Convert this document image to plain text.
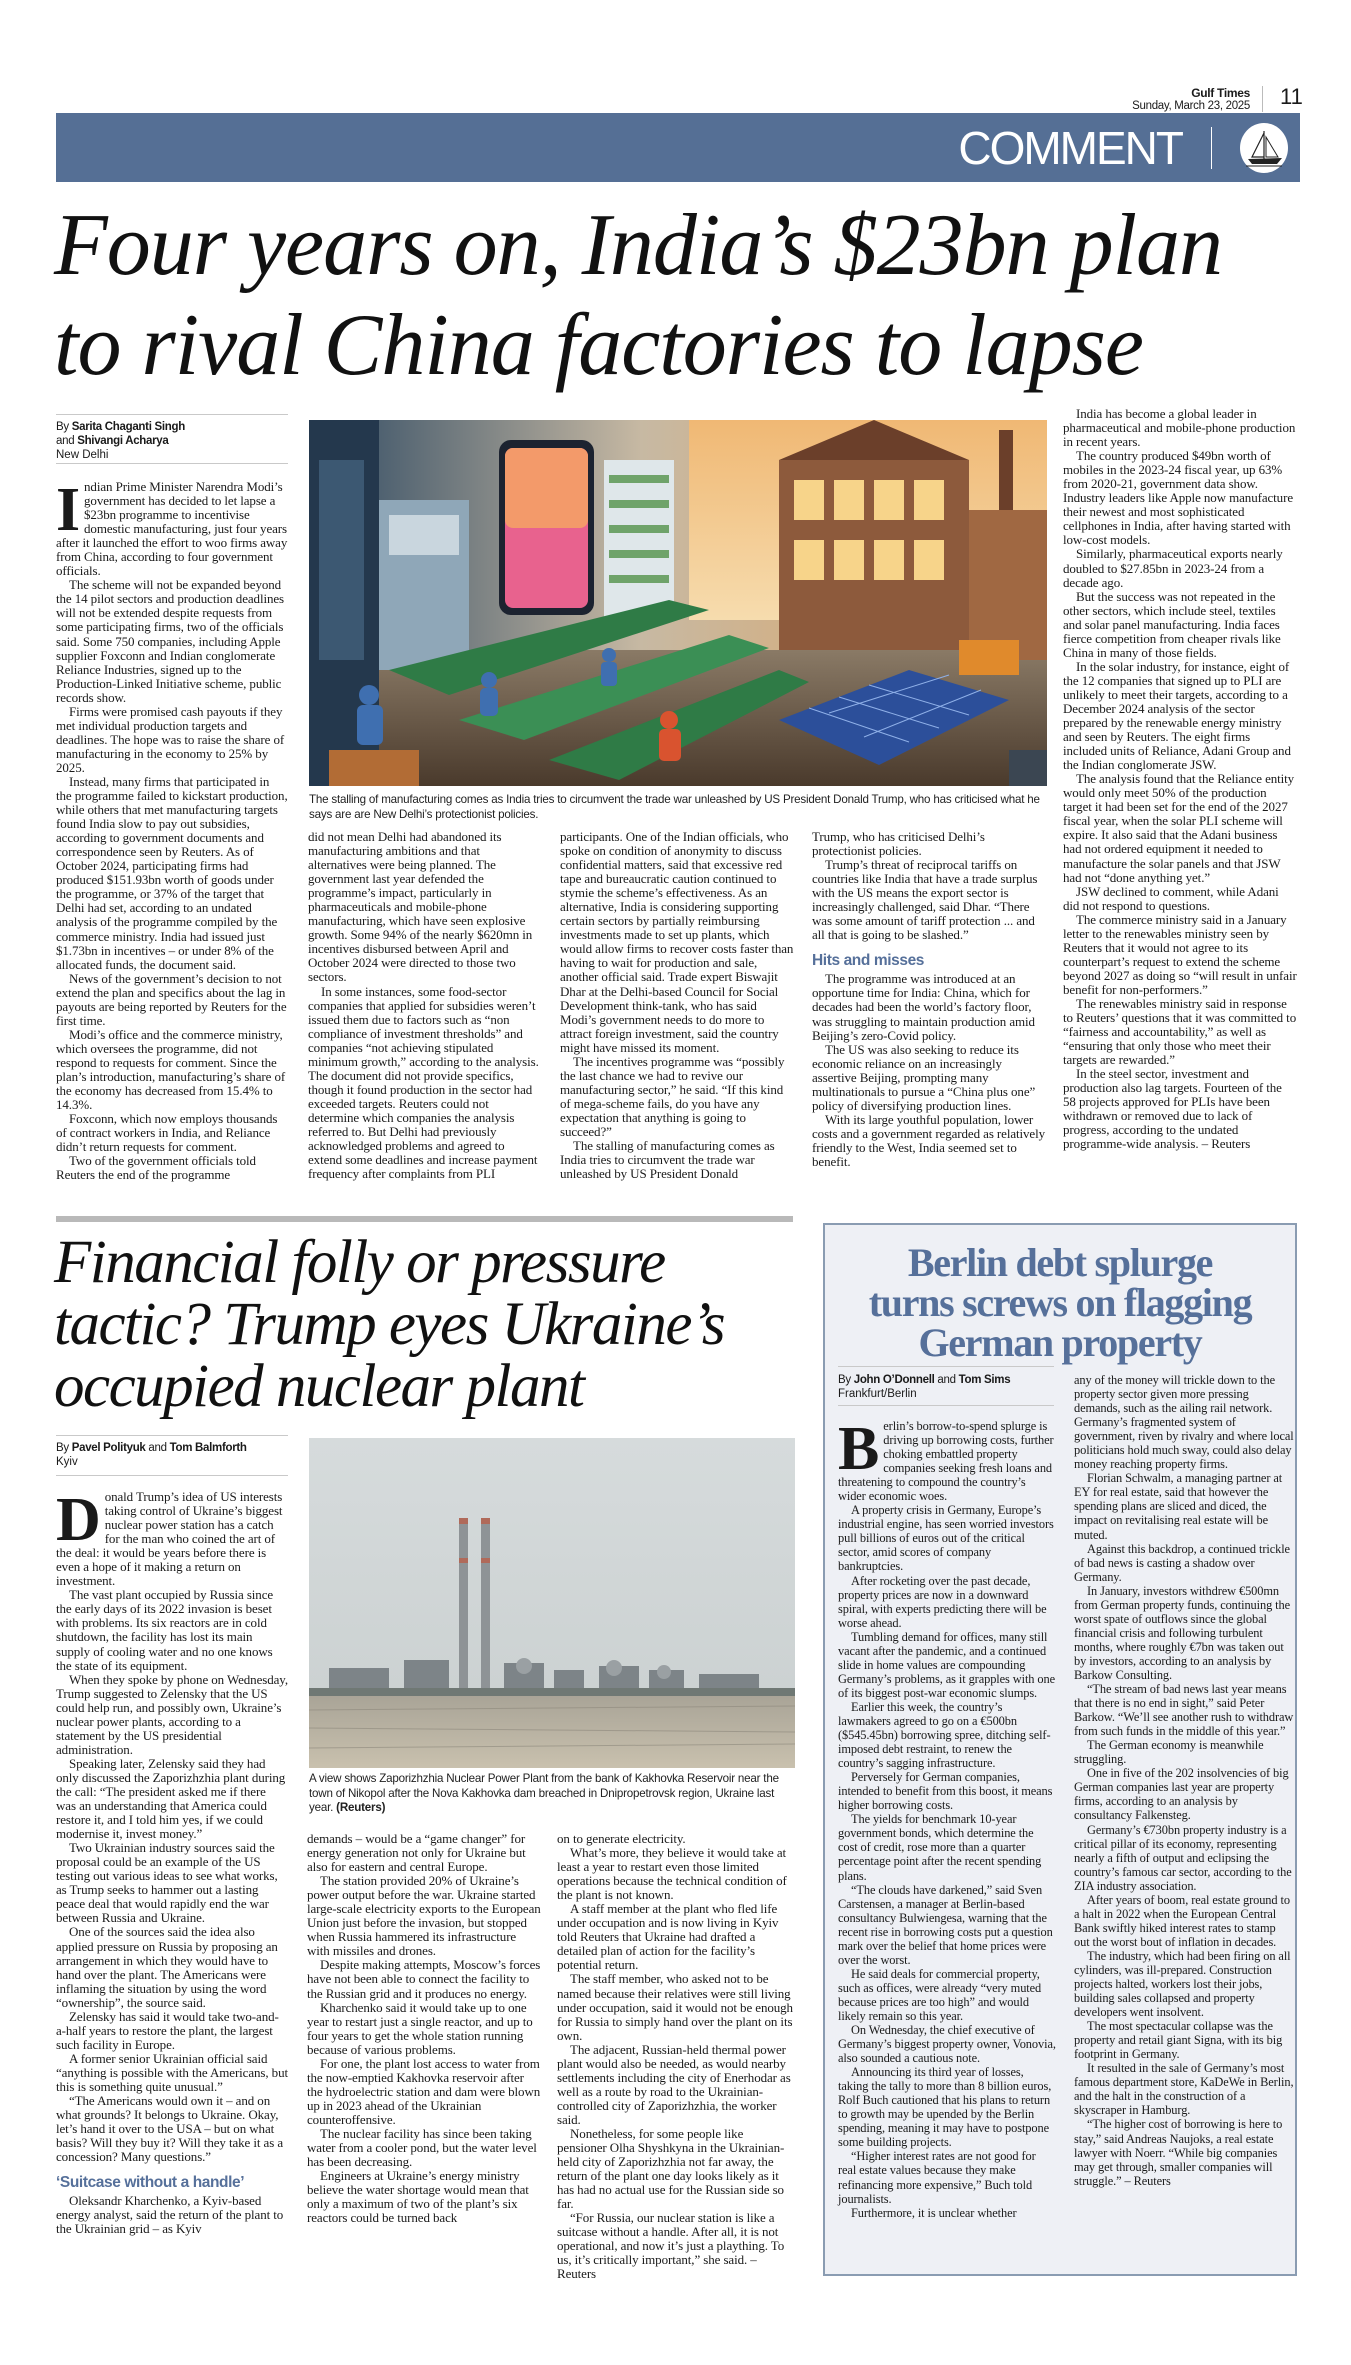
Gulf Times
Sunday, March 23, 2025 11
COMMENT
Four years on, India’s $23bn plan
to rival China factories to lapse
By Sarita Chaganti Singh
and Shivangi Acharya
New Delhi
The stalling of manufacturing comes as India tries to circumvent the trade war unleashed by US President Donald Trump, who has criticised what he says are are New Delhi’s protectionist policies.

Indian Prime Minister Narendra Modi’s government has decided to let lapse a $23bn programme to incentivise domestic manufacturing, just four years after it launched the effort to woo firms away from China, according to four government officials.

The scheme will not be expanded beyond the 14 pilot sectors and production deadlines will not be extended despite requests from some participating firms, two of the officials said. Some 750 companies, including Apple supplier Foxconn and Indian conglomerate Reliance Industries, signed up to the Production-Linked Initiative scheme, public records show.

Firms were promised cash payouts if they met individual production targets and deadlines. The hope was to raise the share of manufacturing in the economy to 25% by 2025.

Instead, many firms that participated in the programme failed to kickstart production, while others that met manufacturing targets found India slow to pay out subsidies, according to government documents and correspondence seen by Reuters. As of October 2024, participating firms had produced $151.93bn worth of goods under the programme, or 37% of the target that Delhi had set, according to an undated analysis of the programme compiled by the commerce ministry. India had issued just $1.73bn in incentives – or under 8% of the allocated funds, the document said.

News of the government’s decision to not extend the plan and specifics about the lag in payouts are being reported by Reuters for the first time.

Modi’s office and the commerce ministry, which oversees the programme, did not respond to requests for comment. Since the plan’s introduction, manufacturing’s share of the economy has decreased from 15.4% to 14.3%.

Foxconn, which now employs thousands of contract workers in India, and Reliance didn’t return requests for comment.

Two of the government officials told Reuters the end of the programme

did not mean Delhi had abandoned its manufacturing ambitions and that alternatives were being planned. The government last year defended the programme’s impact, particularly in pharmaceuticals and mobile-phone manufacturing, which have seen explosive growth. Some 94% of the nearly $620mn in incentives disbursed between April and October 2024 were directed to those two sectors.

In some instances, some food-sector companies that applied for subsidies weren’t issued them due to factors such as “non compliance of investment thresholds” and companies “not achieving stipulated minimum growth,” according to the analysis. The document did not provide specifics, though it found production in the sector had exceeded targets. Reuters could not determine which companies the analysis referred to. But Delhi had previously acknowledged problems and agreed to extend some deadlines and increase payment frequency after complaints from PLI

participants. One of the Indian officials, who spoke on condition of anonymity to discuss confidential matters, said that excessive red tape and bureaucratic caution continued to stymie the scheme’s effectiveness. As an alternative, India is considering supporting certain sectors by partially reimbursing investments made to set up plants, which would allow firms to recover costs faster than having to wait for production and sale, another official said. Trade expert Biswajit Dhar at the Delhi-based Council for Social Development think-tank, who has said Modi’s government needs to do more to attract foreign investment, said the country might have missed its moment.

The incentives programme was “possibly the last chance we had to revive our manufacturing sector,” he said. “If this kind of mega-scheme fails, do you have any expectation that anything is going to succeed?”

The stalling of manufacturing comes as India tries to circumvent the trade war unleashed by US President Donald

Trump, who has criticised Delhi’s protectionist policies.

Trump’s threat of reciprocal tariffs on countries like India that have a trade surplus with the US means the export sector is increasingly challenged, said Dhar. “There was some amount of tariff protection ... and all that is going to be slashed.”

Hits and misses

The programme was introduced at an opportune time for India: China, which for decades had been the world’s factory floor, was struggling to maintain production amid Beijing’s zero-Covid policy.

The US was also seeking to reduce its economic reliance on an increasingly assertive Beijing, prompting many multinationals to pursue a “China plus one” policy of diversifying production lines.

With its large youthful population, lower costs and a government regarded as relatively friendly to the West, India seemed set to benefit.

India has become a global leader in pharmaceutical and mobile-phone production in recent years.

The country produced $49bn worth of mobiles in the 2023-24 fiscal year, up 63% from 2020-21, government data show. Industry leaders like Apple now manufacture their newest and most sophisticated cellphones in India, after having started with low-cost models.

Similarly, pharmaceutical exports nearly doubled to $27.85bn in 2023-24 from a decade ago.

But the success was not repeated in the other sectors, which include steel, textiles and solar panel manufacturing. India faces fierce competition from cheaper rivals like China in many of those fields.

In the solar industry, for instance, eight of the 12 companies that signed up to PLI are unlikely to meet their targets, according to a December 2024 analysis of the sector prepared by the renewable energy ministry and seen by Reuters. The eight firms included units of Reliance, Adani Group and the Indian conglomerate JSW.

The analysis found that the Reliance entity would only meet 50% of the production target it had been set for the end of the 2027 fiscal year, when the solar PLI scheme will expire. It also said that the Adani business had not ordered equipment it needed to manufacture the solar panels and that JSW had not “done anything yet.”

JSW declined to comment, while Adani did not respond to questions.

The commerce ministry said in a January letter to the renewables ministry seen by Reuters that it would not agree to its counterpart’s request to extend the scheme beyond 2027 as doing so “will result in unfair benefit for non-performers.”

The renewables ministry said in response to Reuters’ questions that it was committed to “fairness and accountability,” as well as “ensuring that only those who meet their targets are rewarded.”

In the steel sector, investment and production also lag targets. Fourteen of the 58 projects approved for PLIs have been withdrawn or removed due to lack of progress, according to the undated programme-wide analysis. – Reuters

Financial folly or pressure
tactic? Trump eyes Ukraine’s
occupied nuclear plant
By Pavel Polityuk and Tom Balmforth
Kyiv
A view shows Zaporizhzhia Nuclear Power Plant from the bank of Kakhovka Reservoir near the town of Nikopol after the Nova Kakhovka dam breached in Dnipropetrovsk region, Ukraine last year. (Reuters)

Donald Trump’s idea of US interests taking control of Ukraine’s biggest nuclear power station has a catch for the man who coined the art of the deal: it would be years before there is even a hope of it making a return on investment.

The vast plant occupied by Russia since the early days of its 2022 invasion is beset with problems. Its six reactors are in cold shutdown, the facility has lost its main supply of cooling water and no one knows the state of its equipment.

When they spoke by phone on Wednesday, Trump suggested to Zelensky that the US could help run, and possibly own, Ukraine’s nuclear power plants, according to a statement by the US presidential administration.

Speaking later, Zelensky said they had only discussed the Zaporizhzhia plant during the call: “The president asked me if there was an understanding that America could restore it, and I told him yes, if we could modernise it, invest money.”

Two Ukrainian industry sources said the proposal could be an example of the US testing out various ideas to see what works, as Trump seeks to hammer out a lasting peace deal that would rapidly end the war between Russia and Ukraine.

One of the sources said the idea also applied pressure on Russia by proposing an arrangement in which they would have to hand over the plant. The Americans were inflaming the situation by using the word “ownership”, the source said.

Zelensky has said it would take two-and-a-half years to restore the plant, the largest such facility in Europe.

A former senior Ukrainian official said “anything is possible with the Americans, but this is something quite unusual.”

“The Americans would own it – and on what grounds? It belongs to Ukraine. Okay, let’s hand it over to the USA – but on what basis? Will they buy it? Will they take it as a concession? Many questions.”

‘Suitcase without a handle’

Oleksandr Kharchenko, a Kyiv-based energy analyst, said the return of the plant to the Ukrainian grid – as Kyiv

demands – would be a “game changer” for energy generation not only for Ukraine but also for eastern and central Europe.

The station provided 20% of Ukraine’s power output before the war. Ukraine started large-scale electricity exports to the European Union just before the invasion, but stopped when Russia hammered its infrastructure with missiles and drones.

Despite making attempts, Moscow’s forces have not been able to connect the facility to the Russian grid and it produces no energy.

Kharchenko said it would take up to one year to restart just a single reactor, and up to four years to get the whole station running because of various problems.

For one, the plant lost access to water from the now-emptied Kakhovka reservoir after the hydroelectric station and dam were blown up in 2023 ahead of the Ukrainian counteroffensive.

The nuclear facility has since been taking water from a cooler pond, but the water level has been decreasing.

Engineers at Ukraine’s energy ministry believe the water shortage would mean that only a maximum of two of the plant’s six reactors could be turned back

on to generate electricity.

What’s more, they believe it would take at least a year to restart even those limited operations because the technical condition of the plant is not known.

A staff member at the plant who fled life under occupation and is now living in Kyiv told Reuters that Ukraine had drafted a detailed plan of action for the facility’s potential return.

The staff member, who asked not to be named because their relatives were still living under occupation, said it would not be enough for Russia to simply hand over the plant on its own.

The adjacent, Russian-held thermal power plant would also be needed, as would nearby settlements including the city of Enerhodar as well as a route by road to the Ukrainian-controlled city of Zaporizhzhia, the worker said.

Nonetheless, for some people like pensioner Olha Shyshkyna in the Ukrainian-held city of Zaporizhzhia not far away, the return of the plant one day looks likely as it has had no actual use for the Russian side so far.

“For Russia, our nuclear station is like a suitcase without a handle. After all, it is not operational, and now it’s just a plaything. To us, it’s critically important,” she said. – Reuters

Berlin debt splurge
turns screws on flagging
German property
By John O’Donnell and Tom Sims
Frankfurt/Berlin

Berlin’s borrow-to-spend splurge is driving up borrowing costs, further choking embattled property companies seeking fresh loans and threatening to compound the country’s wider economic woes.

A property crisis in Germany, Europe’s industrial engine, has seen worried investors pull billions of euros out of the critical sector, amid scores of company bankruptcies.

After rocketing over the past decade, property prices are now in a downward spiral, with experts predicting there will be worse ahead.

Tumbling demand for offices, many still vacant after the pandemic, and a continued slide in home values are compounding Germany’s problems, as it grapples with one of its biggest post-war economic slumps.

Earlier this week, the country’s lawmakers agreed to go on a €500bn ($545.45bn) borrowing spree, ditching self-imposed debt restraint, to renew the country’s sagging infrastructure.

Perversely for German companies, intended to benefit from this boost, it means higher borrowing costs.

The yields for benchmark 10-year government bonds, which determine the cost of credit, rose more than a quarter percentage point after the recent spending plans.

“The clouds have darkened,” said Sven Carstensen, a manager at Berlin-based consultancy Bulwiengesa, warning that the recent rise in borrowing costs put a question mark over the belief that home prices were over the worst.

He said deals for commercial property, such as offices, were already “very muted because prices are too high” and would likely remain so this year.

On Wednesday, the chief executive of Germany’s biggest property owner, Vonovia, also sounded a cautious note.

Announcing its third year of losses, taking the tally to more than 8 billion euros, Rolf Buch cautioned that his plans to return to growth may be upended by the Berlin spending, meaning it may have to postpone some building projects.

“Higher interest rates are not good for real estate values because they make refinancing more expensive,” Buch told journalists.

Furthermore, it is unclear whether

any of the money will trickle down to the property sector given more pressing demands, such as the ailing rail network. Germany’s fragmented system of government, riven by rivalry and where local politicians hold much sway, could also delay money reaching property firms.

Florian Schwalm, a managing partner at EY for real estate, said that however the spending plans are sliced and diced, the impact on revitalising real estate will be muted.

Against this backdrop, a continued trickle of bad news is casting a shadow over Germany.

In January, investors withdrew €500mn from German property funds, continuing the worst spate of outflows since the global financial crisis and following turbulent months, where roughly €7bn was taken out by investors, according to an analysis by Barkow Consulting.

“The stream of bad news last year means that there is no end in sight,” said Peter Barkow. “We’ll see another rush to withdraw from such funds in the middle of this year.”

The German economy is meanwhile struggling.

One in five of the 202 insolvencies of big German companies last year are property firms, according to an analysis by consultancy Falkensteg.

Germany’s €730bn property industry is a critical pillar of its economy, representing nearly a fifth of output and eclipsing the country’s famous car sector, according to the ZIA industry association.

After years of boom, real estate ground to a halt in 2022 when the European Central Bank swiftly hiked interest rates to stamp out the worst bout of inflation in decades.

The industry, which had been firing on all cylinders, was ill-prepared. Construction projects halted, workers lost their jobs, building sales collapsed and property developers went insolvent.

The most spectacular collapse was the property and retail giant Signa, with its big footprint in Germany.

It resulted in the sale of Germany’s most famous department store, KaDeWe in Berlin, and the halt in the construction of a skyscraper in Hamburg.

“The higher cost of borrowing is here to stay,” said Andreas Naujoks, a real estate lawyer with Noerr. “While big companies may get through, smaller companies will struggle.” – Reuters
